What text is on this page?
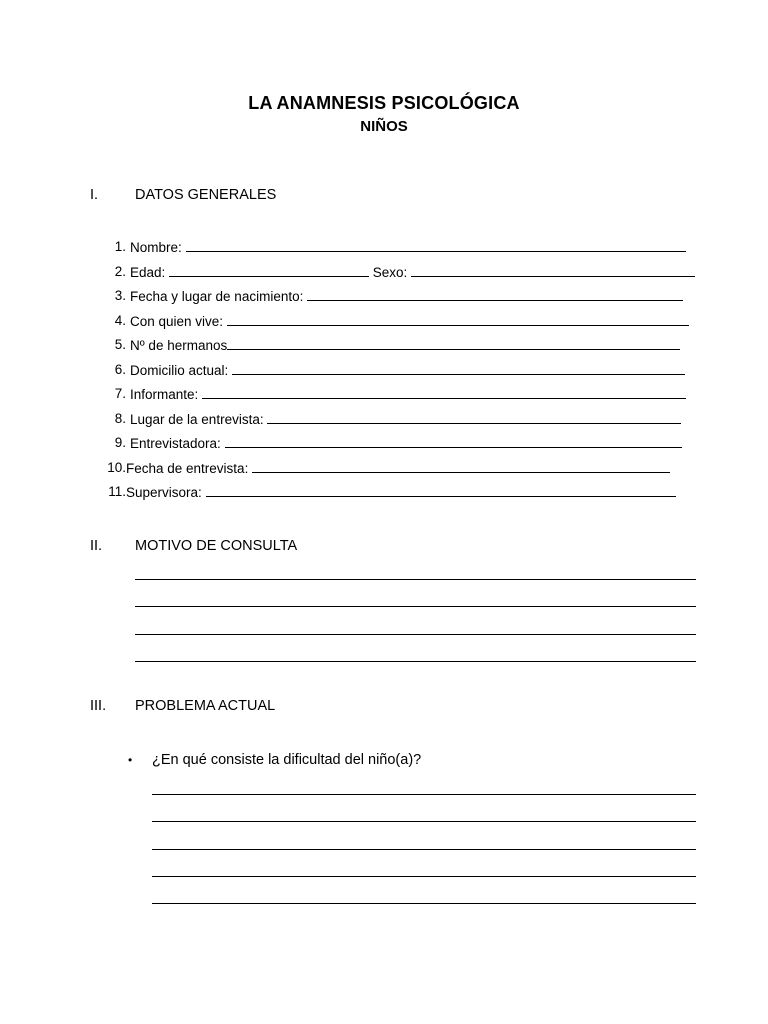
LA ANAMNESIS PSICOLÓGICA
NIÑOS
I.	DATOS GENERALES
1. Nombre:
2. Edad:	Sexo:
3. Fecha y lugar de nacimiento:
4. Con quien vive:
5. Nº de hermanos
6. Domicilio actual:
7. Informante:
8. Lugar de la entrevista:
9. Entrevistadora:
10. Fecha de entrevista:
11. Supervisora:
II. MOTIVO DE CONSULTA
III. PROBLEMA ACTUAL
• ¿En qué consiste la dificultad del niño(a)?
